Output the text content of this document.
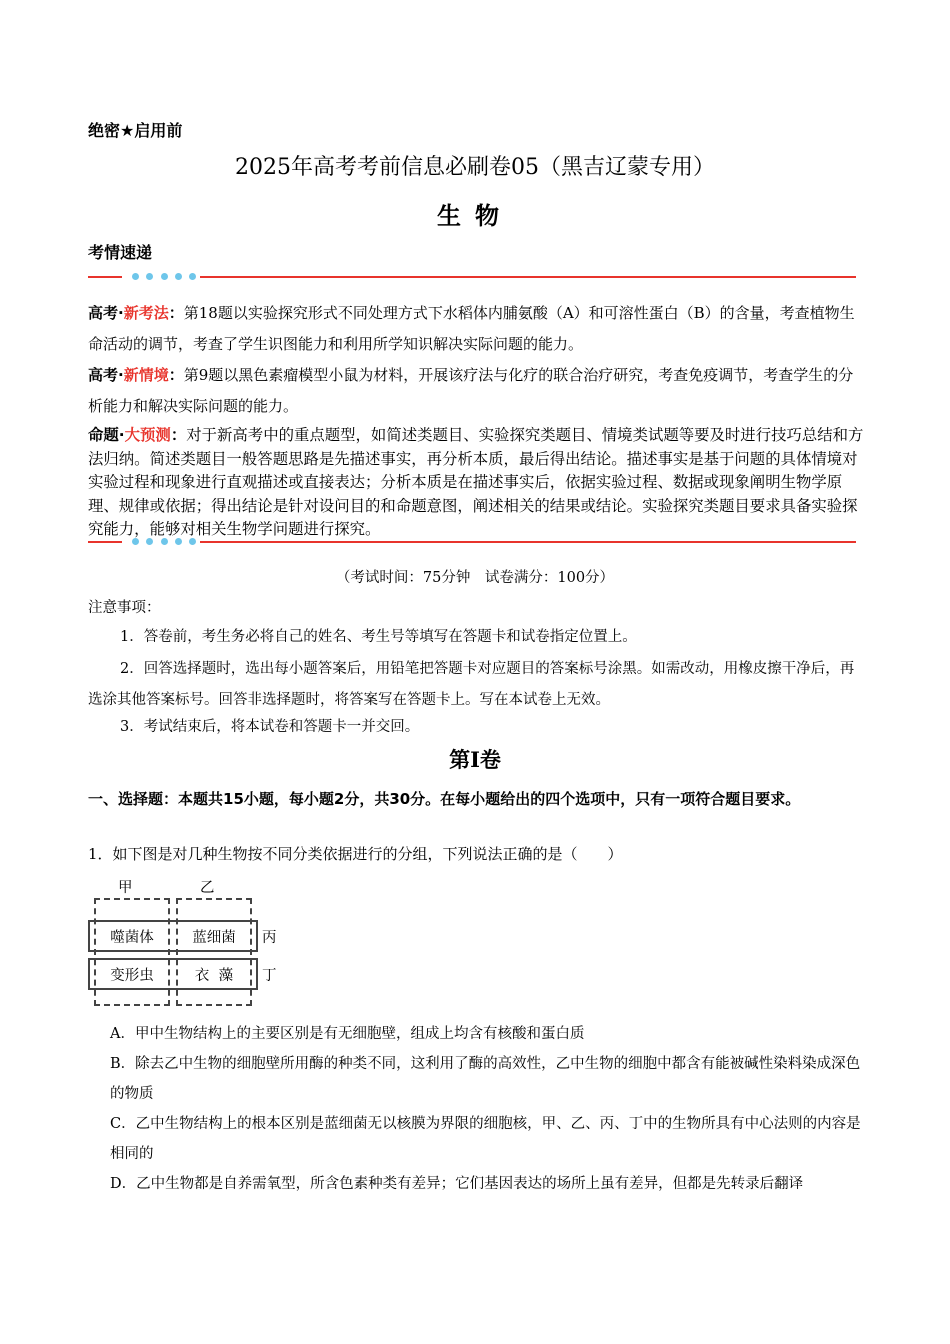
绝密★启用前
2025年高考考前信息必刷卷05（黑吉辽蒙专用）
生物
考情速递
高考·新考法：第18题以实验探究形式不同处理方式下水稻体内脯氨酸（A）和可溶性蛋白（B）的含量，考查植物生命活动的调节，考查了学生识图能力和利用所学知识解决实际问题的能力。
高考·新情境：第9题以黑色素瘤模型小鼠为材料，开展该疗法与化疗的联合治疗研究，考查免疫调节，考查学生的分析能力和解决实际问题的能力。
命题·大预测：对于新高考中的重点题型，如简述类题目、实验探究类题目、情境类试题等要及时进行技巧总结和方法归纳。简述类题目一般答题思路是先描述事实，再分析本质，最后得出结论。描述事实是基于问题的具体情境对实验过程和现象进行直观描述或直接表达；分析本质是在描述事实后，依据实验过程、数据或现象阐明生物学原理、规律或依据；得出结论是针对设问目的和命题意图，阐述相关的结果或结论。实验探究类题目要求具备实验探究能力，能够对相关生物学问题进行探究。
（考试时间：75分钟　试卷满分：100分）
注意事项：
1．答卷前，考生务必将自己的姓名、考生号等填写在答题卡和试卷指定位置上。
2．回答选择题时，选出每小题答案后，用铅笔把答题卡对应题目的答案标号涂黑。如需改动，用橡皮擦干净后，再选涂其他答案标号。回答非选择题时，将答案写在答题卡上。写在本试卷上无效。
3．考试结束后，将本试卷和答题卡一并交回。
第Ⅰ卷
一、选择题：本题共15小题，每小题2分，共30分。在每小题给出的四个选项中，只有一项符合题目要求。
1．如下图是对几种生物按不同分类依据进行的分组，下列说法正确的是（　　）
甲	乙
噬菌体	蓝细菌
变形虫	衣  藻
丙
丁
A．甲中生物结构上的主要区别是有无细胞壁，组成上均含有核酸和蛋白质
B．除去乙中生物的细胞壁所用酶的种类不同，这利用了酶的高效性，乙中生物的细胞中都含有能被碱性染料染成深色的物质
C．乙中生物结构上的根本区别是蓝细菌无以核膜为界限的细胞核，甲、乙、丙、丁中的生物所具有中心法则的内容是相同的
D．乙中生物都是自养需氧型，所含色素种类有差异；它们基因表达的场所上虽有差异，但都是先转录后翻译
